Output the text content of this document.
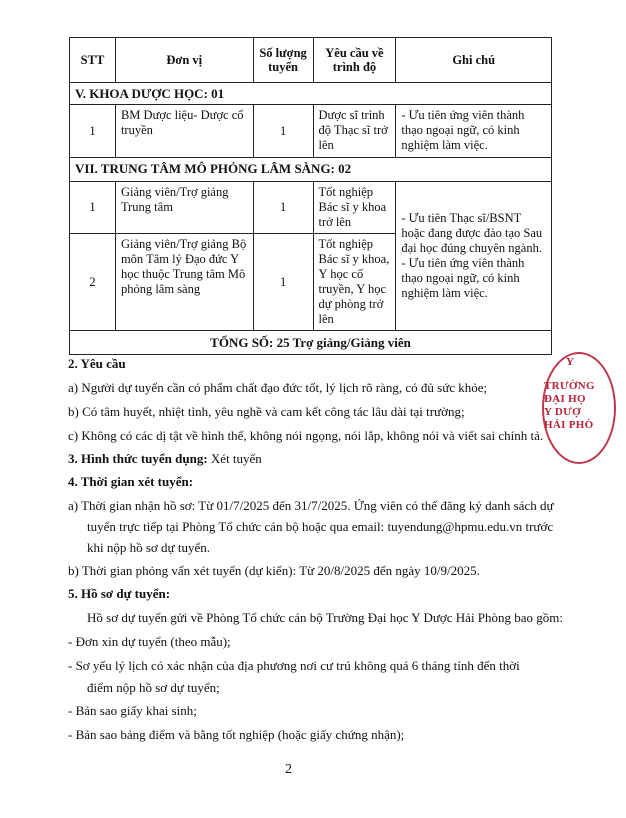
STT	Đơn vị	Số lượng tuyển	Yêu cầu về trình độ	Ghi chú
V. KHOA DƯỢC HỌC: 01				
1	BM Dược liệu- Dược cổ truyền	1	Dược sĩ trình độ Thạc sĩ trở lên	- Ưu tiên ứng viên thành thạo ngoại ngữ, có kinh nghiệm làm việc.
VII. TRUNG TÂM MÔ PHỎNG LÂM SÀNG: 02				
1	Giảng viên/Trợ giảng Trung tâm	1	Tốt nghiệp Bác sĩ y khoa trở lên	- Ưu tiên Thạc sĩ/BSNT hoặc đang được đào tạo Sau đại học đúng chuyên ngành.
- Ưu tiên ứng viên thành thạo ngoại ngữ, có kinh nghiệm làm việc.

2	Giảng viên/Trợ giảng Bộ môn Tâm lý Đạo đức Y học thuộc Trung tâm Mô phỏng lâm sàng	1	Tốt nghiệp Bác sĩ y khoa, Y học cổ truyền, Y học dự phòng trở lên	
TỔNG SỐ: 25 Trợ giảng/Giảng viên				
2. Yêu cầu
a) Người dự tuyển cần có phẩm chất đạo đức tốt, lý lịch rõ ràng, có đủ sức khỏe;
b) Có tâm huyết, nhiệt tình, yêu nghề và cam kết công tác lâu dài tại trường;
c) Không có các dị tật về hình thể, không nói ngọng, nói lắp, không nói và viết sai chính tả.
3. Hình thức tuyển dụng: Xét tuyển
4. Thời gian xét tuyển:
a) Thời gian nhận hồ sơ: Từ 01/7/2025 đến 31/7/2025. Ứng viên có thể đăng ký danh sách dự
tuyển trực tiếp tại Phòng Tổ chức cán bộ hoặc qua email: tuyendung@hpmu.edu.vn trước
khi nộp hồ sơ dự tuyển.
b) Thời gian phỏng vấn xét tuyển (dự kiến): Từ 20/8/2025 đến ngày 10/9/2025.
5. Hồ sơ dự tuyển:
Hồ sơ dự tuyển gửi về Phòng Tổ chức cán bộ Trường Đại học Y Dược Hải Phòng bao gồm:
- Đơn xin dự tuyển (theo mẫu);
- Sơ yếu lý lịch có xác nhận của địa phương nơi cư trú không quá 6 tháng tính đến thời
điểm nộp hồ sơ dự tuyển;
- Bản sao giấy khai sinh;
- Bản sao bảng điểm và bằng tốt nghiệp (hoặc giấy chứng nhận);
2
Y
TRƯỜNG
ĐẠI HỌ
Y DƯỢ
HẢI PHÒ
